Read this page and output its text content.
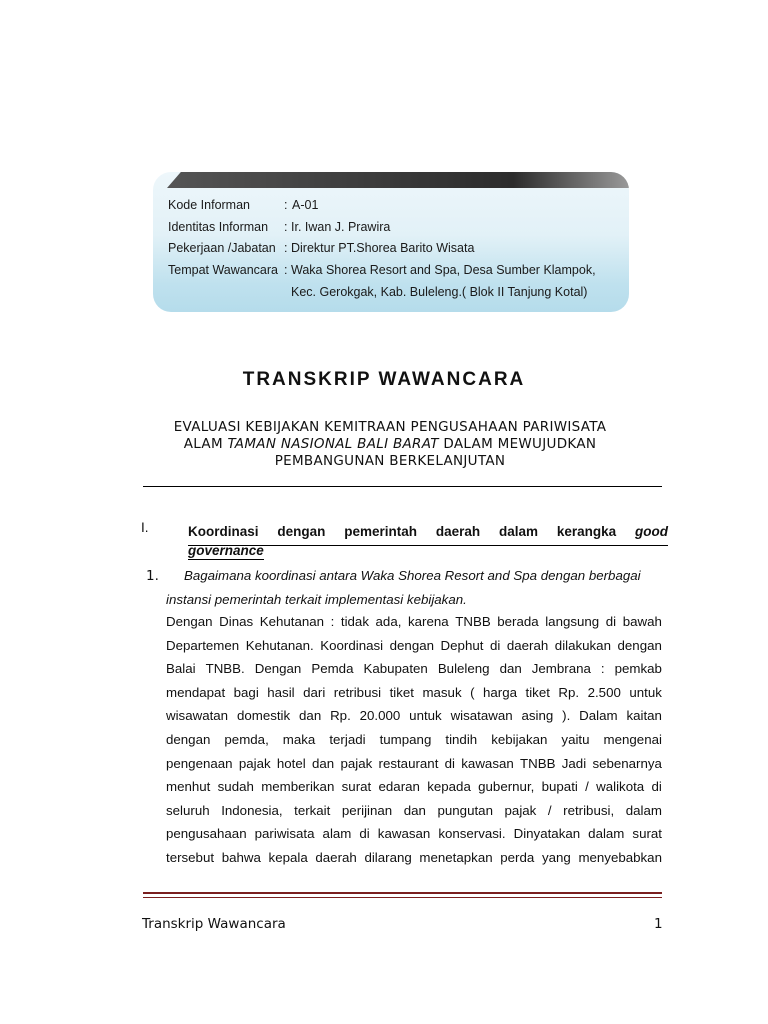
Kode Informan	: A-01
Identitas Informan : Ir. Iwan J. Prawira
Pekerjaan /Jabatan : Direktur PT.Shorea Barito Wisata
Tempat Wawancara : Waka Shorea Resort and Spa, Desa Sumber Klampok,
Kec. Gerokgak, Kab. Buleleng.( Blok II Tanjung Kotal)
TRANSKRIP WAWANCARA
EVALUASI KEBIJAKAN KEMITRAAN PENGUSAHAAN PARIWISATA
ALAM TAMAN NASIONAL BALI BARAT DALAM MEWUJUDKAN
PEMBANGUNAN BERKELANJUTAN
I.	Koordinasi dengan pemerintah daerah dalam kerangka good
governance
1.	Bagaimana koordinasi antara Waka Shorea Resort and Spa dengan berbagai instansi pemerintah terkait implementasi kebijakan.

Dengan Dinas Kehutanan : tidak ada, karena TNBB berada langsung di bawah

Departemen Kehutanan. Koordinasi dengan Dephut di daerah dilakukan dengan

Balai TNBB. Dengan Pemda Kabupaten Buleleng dan Jembrana : pemkab

mendapat bagi hasil dari retribusi tiket masuk ( harga tiket Rp. 2.500 untuk

wisawatan domestik dan Rp. 20.000 untuk wisatawan asing ). Dalam kaitan

dengan pemda, maka terjadi tumpang tindih kebijakan yaitu mengenai

pengenaan pajak hotel dan pajak restaurant di kawasan TNBB Jadi sebenarnya

menhut sudah memberikan surat edaran kepada gubernur, bupati / walikota di

seluruh Indonesia, terkait perijinan dan pungutan pajak / retribusi, dalam

pengusahaan pariwisata alam di kawasan konservasi. Dinyatakan dalam surat

tersebut bahwa kepala daerah dilarang menetapkan perda yang menyebabkan

Transkrip Wawancara	1
